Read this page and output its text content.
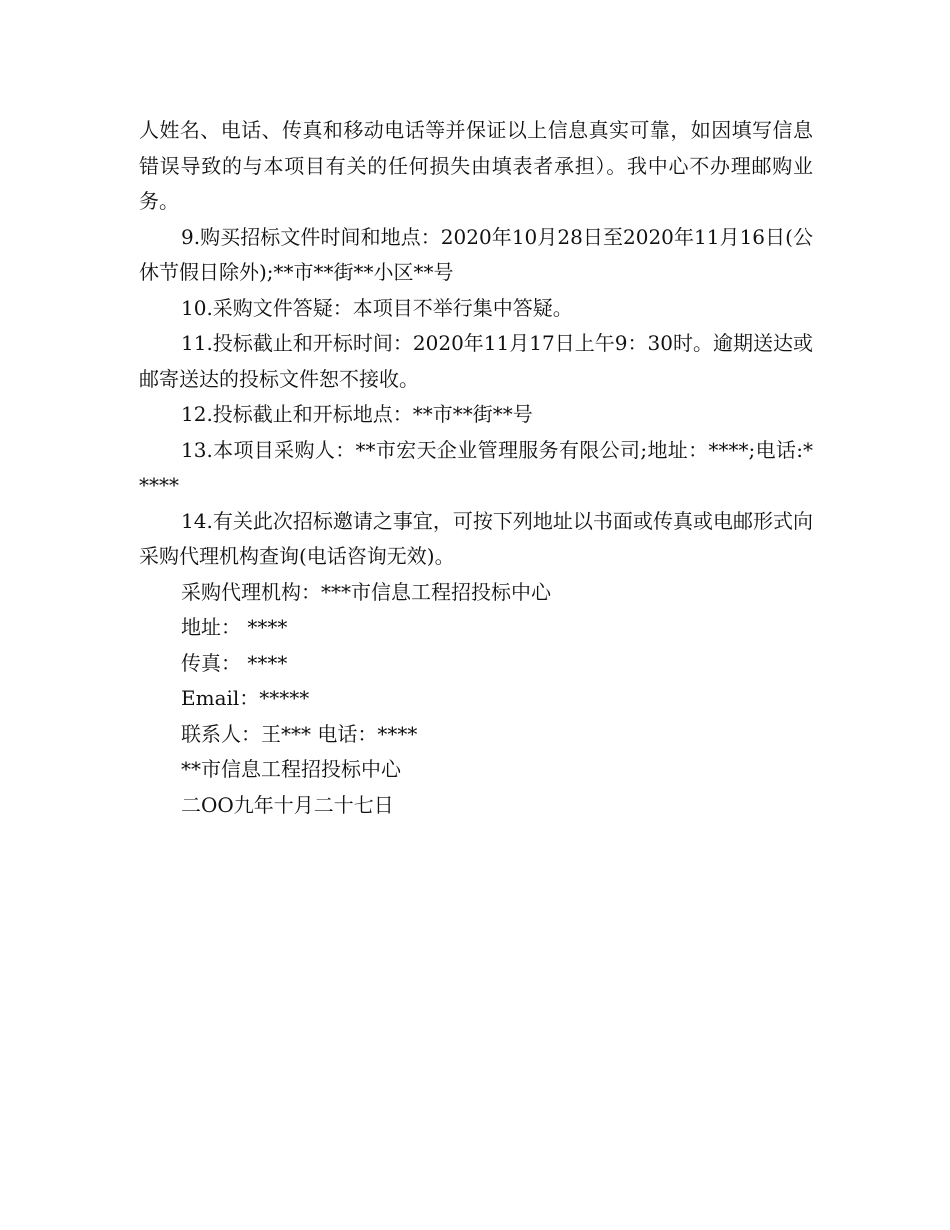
人姓名、电话、传真和移动电话等并保证以上信息真实可靠，如因填写信息错误导致的与本项目有关的任何损失由填表者承担）。我中心不办理邮购业务。

9.购买招标文件时间和地点：2020年10月28日至2020年11月16日(公休节假日除外);**市**街**小区**号

10.采购文件答疑：本项目不举行集中答疑。

11.投标截止和开标时间：2020年11月17日上午9：30时。逾期送达或邮寄送达的投标文件恕不接收。

12.投标截止和开标地点：**市**街**号

13.本项目采购人：**市宏天企业管理服务有限公司;地址：****;电话:*****

14.有关此次招标邀请之事宜，可按下列地址以书面或传真或电邮形式向采购代理机构查询(电话咨询无效)。

采购代理机构：***市信息工程招投标中心

地址： ****

传真： ****

Email：*****

联系人：王*** 电话：****

**市信息工程招投标中心

二OO九年十月二十七日
